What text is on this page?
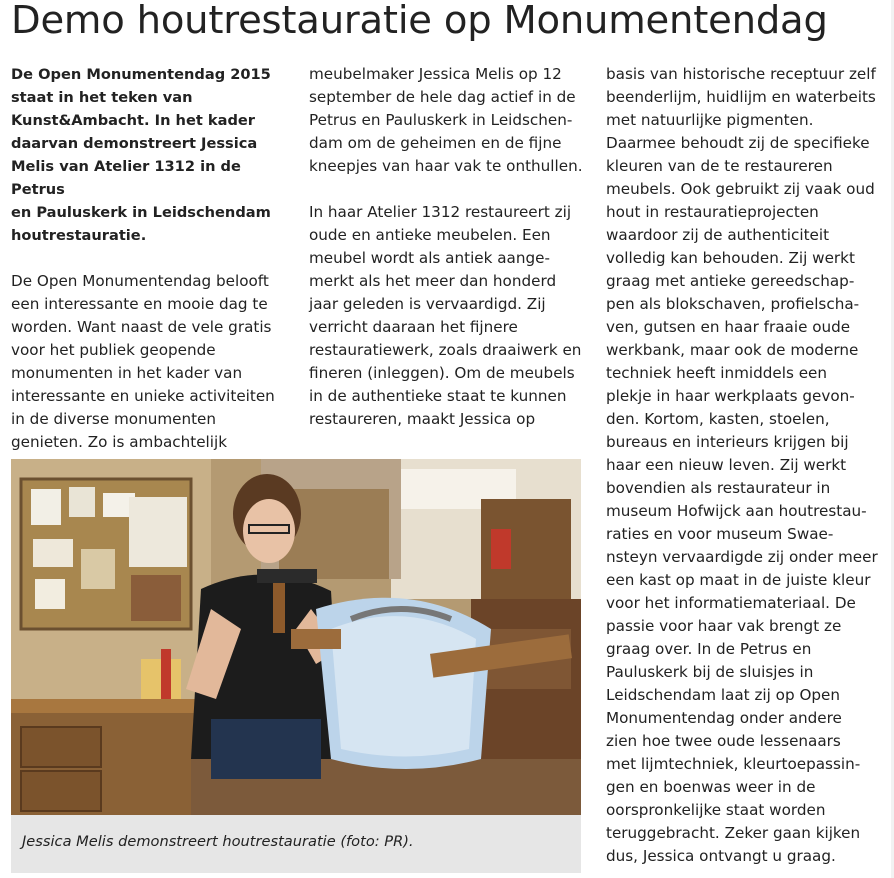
Demo houtrestauratie op Monumentendag

De Open Monumentendag 2015

staat in het teken van

Kunst&Ambacht. In het kader

daarvan demonstreert Jessica

Melis van Atelier 1312 in de Petrus

en Pauluskerk in Leidschendam

houtrestauratie.

De Open Monumentendag belooft

een interessante en mooie dag te

worden. Want naast de vele gratis

voor het publiek geopende

monumenten in het kader van

interessante en unieke activiteiten

in de diverse monumenten

genieten. Zo is ambachtelijk

meubelmaker Jessica Melis op 12

september de hele dag actief in de

Petrus en Pauluskerk in Leidschen-

dam om de geheimen en de fijne

kneepjes van haar vak te onthullen.

In haar Atelier 1312 restaureert zij

oude en antieke meubelen. Een

meubel wordt als antiek aange-

merkt als het meer dan honderd

jaar geleden is vervaardigd. Zij

verricht daaraan het fijnere

restauratiewerk, zoals draaiwerk en

fineren (inleggen). Om de meubels

in de authentieke staat te kunnen

restaureren, maakt Jessica op

basis van historische receptuur zelf

beenderlijm, huidlijm en waterbeits

met natuurlijke pigmenten.

Daarmee behoudt zij de specifieke

kleuren van de te restaureren

meubels. Ook gebruikt zij vaak oud

hout in restauratieprojecten

waardoor zij de authenticiteit

volledig kan behouden. Zij werkt

graag met antieke gereedschap-

pen als blokschaven, profielscha-

ven, gutsen en haar fraaie oude

werkbank, maar ook de moderne

techniek heeft inmiddels een

plekje in haar werkplaats gevon-

den. Kortom, kasten, stoelen,

bureaus en interieurs krijgen bij

haar een nieuw leven. Zij werkt

bovendien als restaurateur in

museum Hofwijck aan houtrestau-

raties en voor museum Swae-

nsteyn vervaardigde zij onder meer

een kast op maat in de juiste kleur

voor het informatiemateriaal. De

passie voor haar vak brengt ze

graag over. In de Petrus en

Pauluskerk bij de sluisjes in

Leidschendam laat zij op Open

Monumentendag onder andere

zien hoe twee oude lessenaars

met lijmtechniek, kleurtoepassin-

gen en boenwas weer in de

oorspronkelijke staat worden

teruggebracht. Zeker gaan kijken

dus, Jessica ontvangt u graag.

Jessica Melis demonstreert houtrestauratie (foto: PR).
